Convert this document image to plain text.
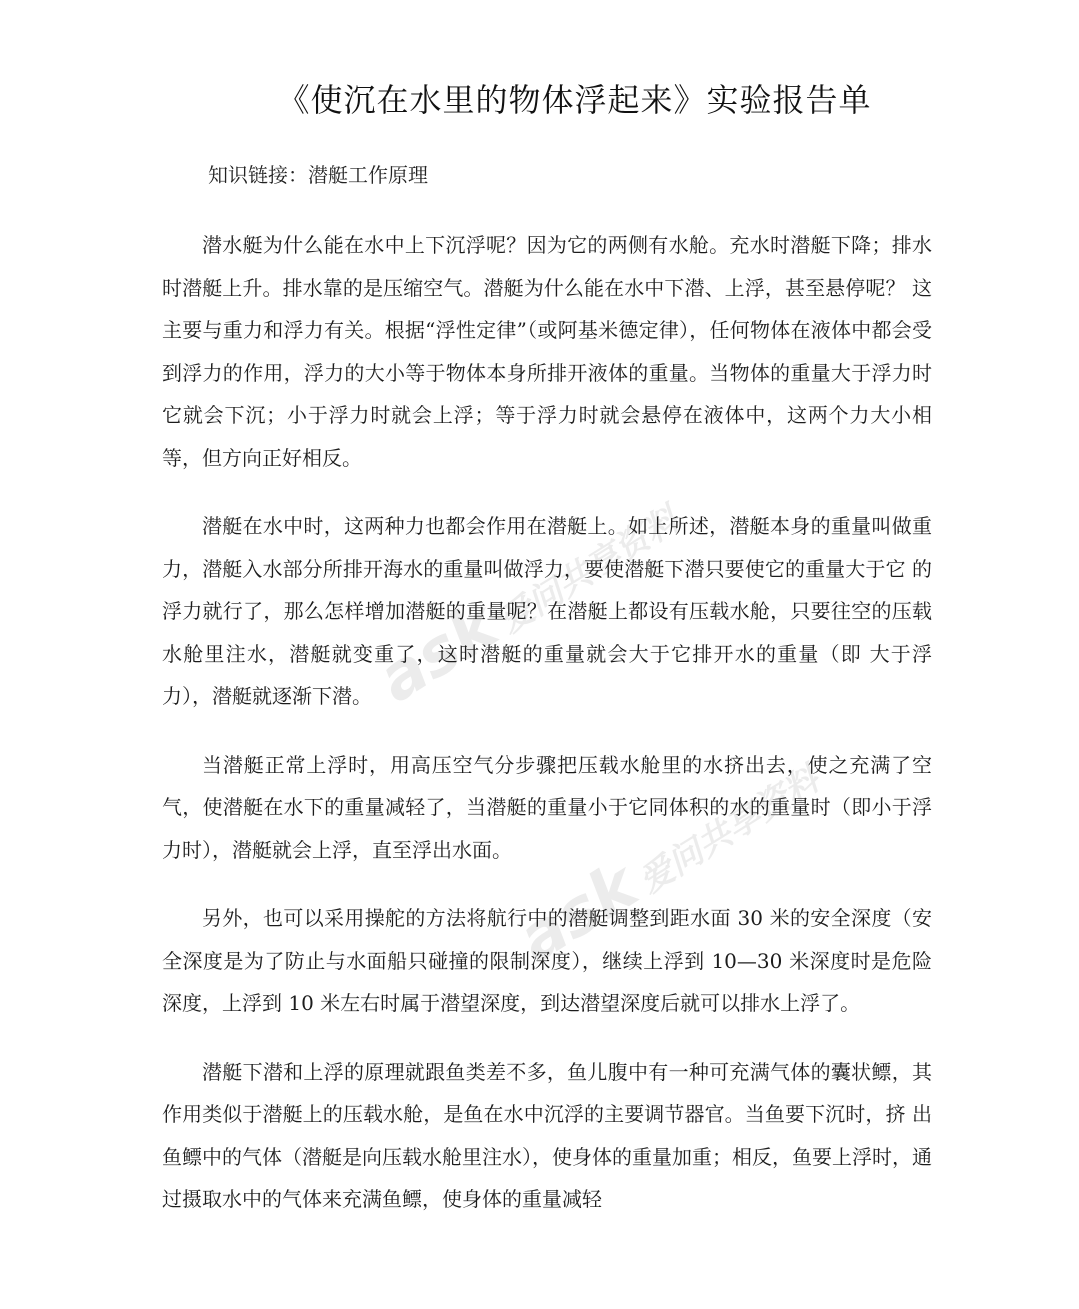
ask爱问共享资料
ask爱问共享资料
《使沉在水里的物体浮起来》实验报告单
知识链接：潜艇工作原理

潜水艇为什么能在水中上下沉浮呢？因为它的两侧有水舱。充水时潜艇下降；排水时潜艇上升。排水靠的是压缩空气。潜艇为什么能在水中下潜、上浮，甚至悬停呢？ 这主要与重力和浮力有关。根据“浮性定律”（或阿基米德定律），任何物体在液体中都会受到浮力的作用，浮力的大小等于物体本身所排开液体的重量。当物体的重量大于浮力时它就会下沉；小于浮力时就会上浮；等于浮力时就会悬停在液体中，这两个力大小相等，但方向正好相反。

潜艇在水中时，这两种力也都会作用在潜艇上。如上所述，潜艇本身的重量叫做重力，潜艇入水部分所排开海水的重量叫做浮力，要使潜艇下潜只要使它的重量大于它 的浮力就行了，那么怎样增加潜艇的重量呢？在潜艇上都设有压载水舱，只要往空的压载水舱里注水，潜艇就变重了，这时潜艇的重量就会大于它排开水的重量（即 大于浮力），潜艇就逐渐下潜。

当潜艇正常上浮时，用高压空气分步骤把压载水舱里的水挤出去，使之充满了空气，使潜艇在水下的重量减轻了，当潜艇的重量小于它同体积的水的重量时（即小于浮力时），潜艇就会上浮，直至浮出水面。

另外，也可以采用操舵的方法将航行中的潜艇调整到距水面 30 米的安全深度（安全深度是为了防止与水面船只碰撞的限制深度），继续上浮到 10—30 米深度时是危险深度，上浮到 10 米左右时属于潜望深度，到达潜望深度后就可以排水上浮了。

潜艇下潜和上浮的原理就跟鱼类差不多，鱼儿腹中有一种可充满气体的囊状鳔，其作用类似于潜艇上的压载水舱，是鱼在水中沉浮的主要调节器官。当鱼要下沉时，挤 出鱼鳔中的气体（潜艇是向压载水舱里注水），使身体的重量加重；相反，鱼要上浮时，通过摄取水中的气体来充满鱼鳔，使身体的重量减轻
